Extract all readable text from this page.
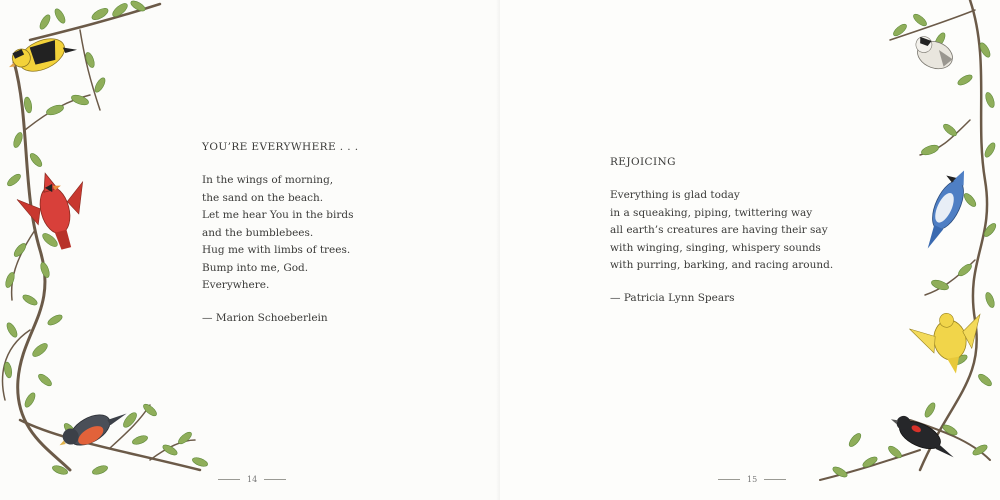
YOU’RE EVERYWHERE . . .
In the wings of morning,
the sand on the beach.
Let me hear You in the birds
and the bumblebees.
Hug me with limbs of trees.
Bump into me, God.
Everywhere.
— Marion Schoeberlein
14
REJOICING
Everything is glad today
in a squeaking, piping, twittering way
all earth’s creatures are having their say
with winging, singing, whispery sounds
with purring, barking, and racing around.
— Patricia Lynn Spears
15
